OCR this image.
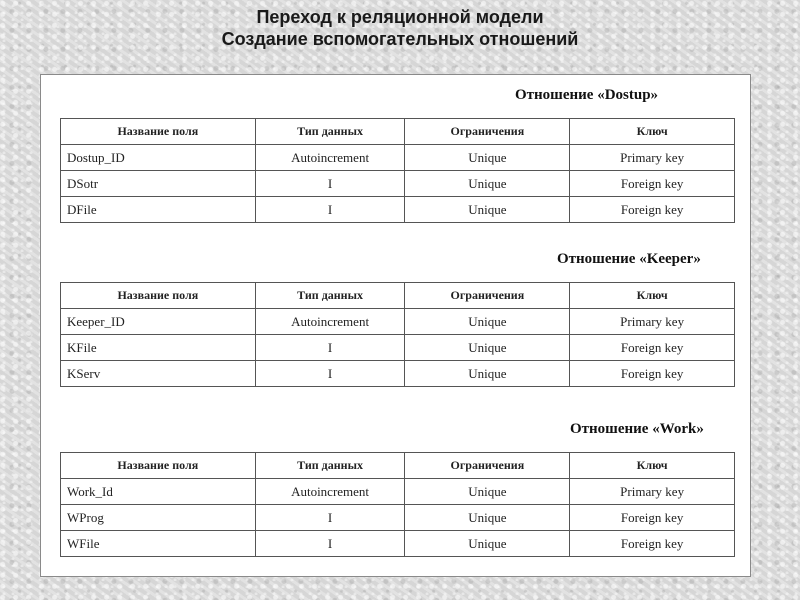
Переход к реляционной модели
Создание вспомогательных отношений
Отношение «Dostup»
Название поля	Тип данных	Ограничения	Ключ
Dostup_ID	Autoincrement	Unique	Primary key
DSotr	I	Unique	Foreign key
DFile	I	Unique	Foreign key
Отношение «Keeper»
Название поля	Тип данных	Ограничения	Ключ
Keeper_ID	Autoincrement	Unique	Primary key
KFile	I	Unique	Foreign key
KServ	I	Unique	Foreign key
Отношение «Work»
Название поля	Тип данных	Ограничения	Ключ
Work_Id	Autoincrement	Unique	Primary key
WProg	I	Unique	Foreign key
WFile	I	Unique	Foreign key
